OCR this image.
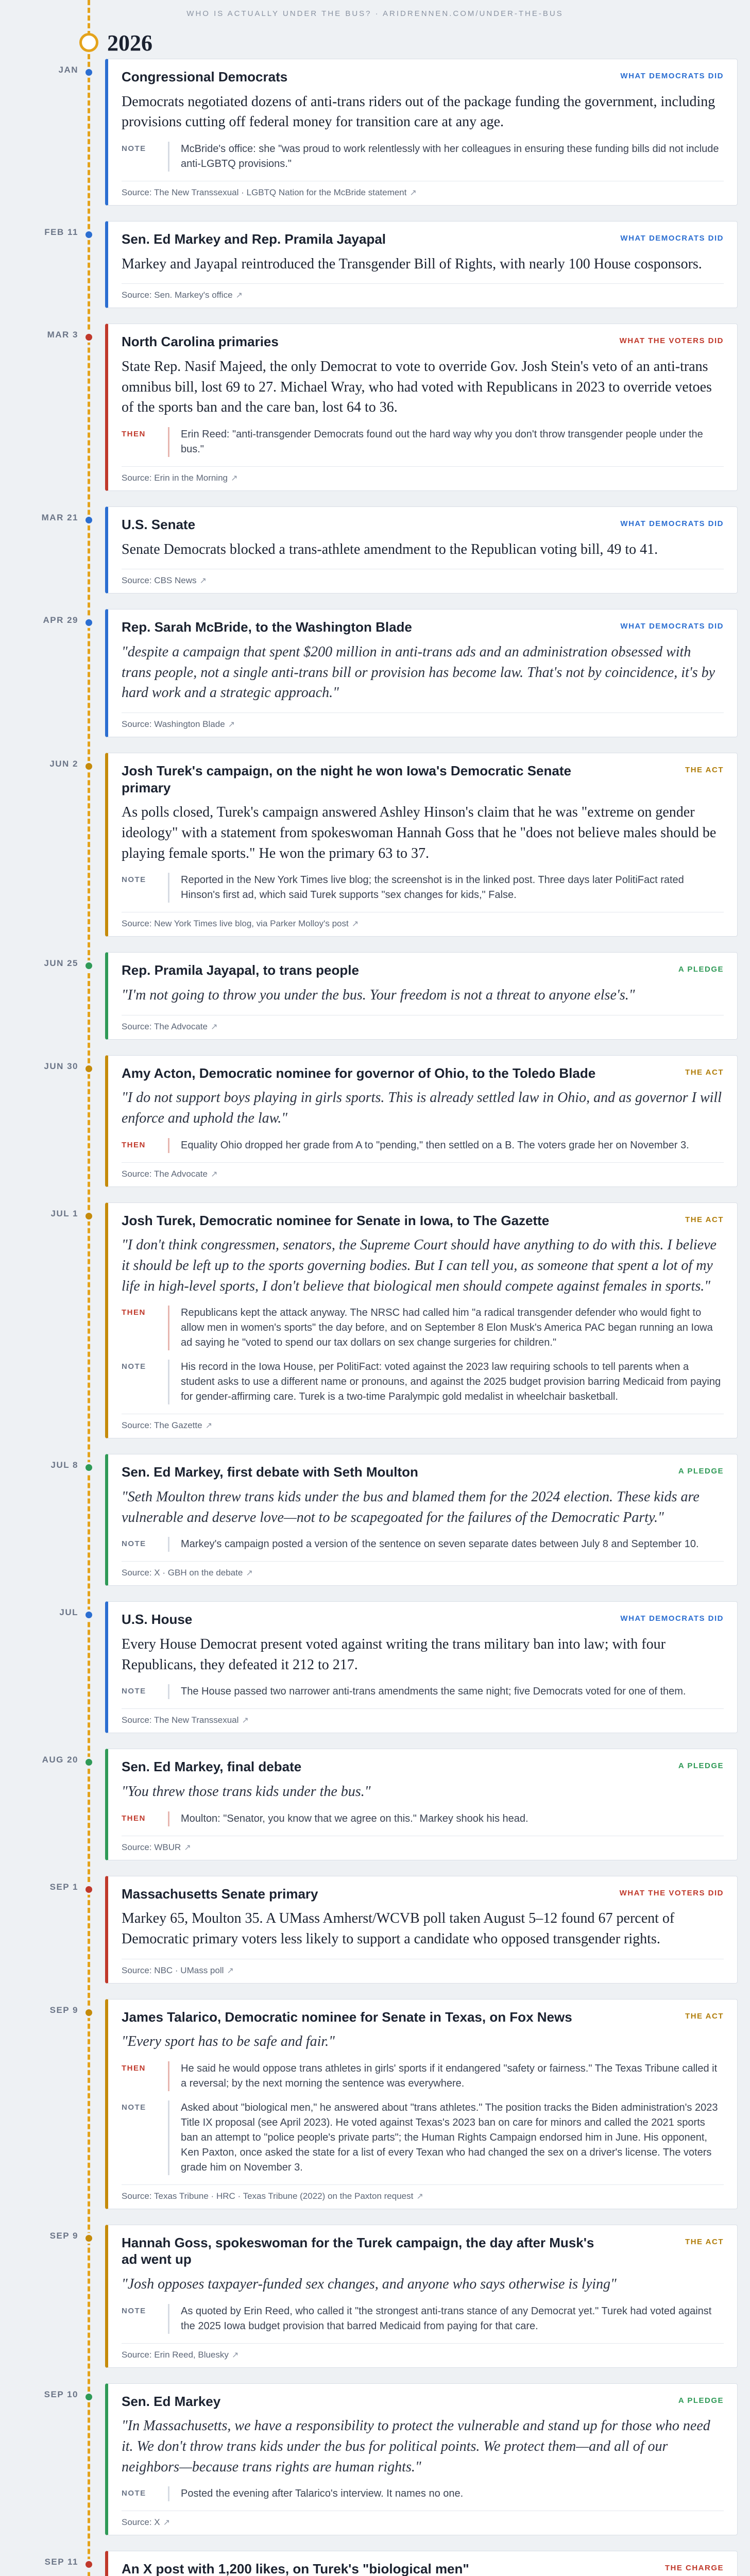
WHO IS ACTUALLY UNDER THE BUS? · ARIDRENNEN.COM/UNDER-THE-BUS
2026
JAN	Congressional Democrats	WHAT DEMOCRATS DID
Democrats negotiated dozens of anti-trans riders out of the package funding the government, including provisions cutting off federal money for transition care at any age.
NOTE	McBride's office: she "was proud to work relentlessly with her colleagues in ensuring these funding bills did not include anti-LGBTQ provisions."
Source: The New Transsexual · LGBTQ Nation for the McBride statement ↗
FEB 11	Sen. Ed Markey and Rep. Pramila Jayapal	WHAT DEMOCRATS DID
Markey and Jayapal reintroduced the Transgender Bill of Rights, with nearly 100 House cosponsors.
Source: Sen. Markey's office ↗
MAR 3	North Carolina primaries	WHAT THE VOTERS DID
State Rep. Nasif Majeed, the only Democrat to vote to override Gov. Josh Stein's veto of an anti-trans omnibus bill, lost 69 to 27. Michael Wray, who had voted with Republicans in 2023 to override vetoes of the sports ban and the care ban, lost 64 to 36.
THEN	Erin Reed: "anti-transgender Democrats found out the hard way why you don't throw transgender people under the bus."
Source: Erin in the Morning ↗
MAR 21	U.S. Senate	WHAT DEMOCRATS DID
Senate Democrats blocked a trans-athlete amendment to the Republican voting bill, 49 to 41.
Source: CBS News ↗
APR 29	Rep. Sarah McBride, to the Washington Blade	WHAT DEMOCRATS DID
"despite a campaign that spent $200 million in anti-trans ads and an administration obsessed with trans people, not a single anti-trans bill or provision has become law. That's not by coincidence, it's by hard work and a strategic approach."
Source: Washington Blade ↗
JUN 2	Josh Turek's campaign, on the night he won Iowa's Democratic Senate primary
THE ACT
As polls closed, Turek's campaign answered Ashley Hinson's claim that he was "extreme on gender ideology" with a statement from spokeswoman Hannah Goss that he "does not believe males should be playing female sports." He won the primary 63 to 37.
NOTE	Reported in the New York Times live blog; the screenshot is in the linked post. Three days later PolitiFact rated Hinson's first ad, which said Turek supports "sex changes for kids," False.
Source: New York Times live blog, via Parker Molloy's post ↗
JUN 25	Rep. Pramila Jayapal, to trans people	A PLEDGE
"I'm not going to throw you under the bus. Your freedom is not a threat to anyone else's."
Source: The Advocate ↗
JUN 30	Amy Acton, Democratic nominee for governor of Ohio, to the Toledo Blade	THE ACT
"I do not support boys playing in girls sports. This is already settled law in Ohio, and as governor I will enforce and uphold the law."
THEN	Equality Ohio dropped her grade from A to "pending," then settled on a B. The voters grade her on November 3.
Source: The Advocate ↗
JUL 1	Josh Turek, Democratic nominee for Senate in Iowa, to The Gazette	THE ACT
"I don't think congressmen, senators, the Supreme Court should have anything to do with this. I believe it should be left up to the sports governing bodies. But I can tell you, as someone that spent a lot of my life in high-level sports, I don't believe that biological men should compete against females in sports."
THEN	Republicans kept the attack anyway. The NRSC had called him "a radical transgender defender who would fight to allow men in women's sports" the day before, and on September 8 Elon Musk's America PAC began running an Iowa ad saying he "voted to spend our tax dollars on sex change surgeries for children."
NOTE	His record in the Iowa House, per PolitiFact: voted against the 2023 law requiring schools to tell parents when a student asks to use a different name or pronouns, and against the 2025 budget provision barring Medicaid from paying for gender-affirming care. Turek is a two-time Paralympic gold medalist in wheelchair basketball.
Source: The Gazette ↗
JUL 8	Sen. Ed Markey, first debate with Seth Moulton	A PLEDGE
"Seth Moulton threw trans kids under the bus and blamed them for the 2024 election. These kids are vulnerable and deserve love—not to be scapegoated for the failures of the Democratic Party."
NOTE	Markey's campaign posted a version of the sentence on seven separate dates between July 8 and September 10.
Source: X · GBH on the debate ↗
JUL	U.S. House	WHAT DEMOCRATS DID
Every House Democrat present voted against writing the trans military ban into law; with four Republicans, they defeated it 212 to 217.
NOTE	The House passed two narrower anti-trans amendments the same night; five Democrats voted for one of them.
Source: The New Transsexual ↗
AUG 20	Sen. Ed Markey, final debate	A PLEDGE
"You threw those trans kids under the bus."
THEN	Moulton: "Senator, you know that we agree on this." Markey shook his head.
Source: WBUR ↗
SEP 1	Massachusetts Senate primary	WHAT THE VOTERS DID
Markey 65, Moulton 35. A UMass Amherst/WCVB poll taken August 5–12 found 67 percent of Democratic primary voters less likely to support a candidate who opposed transgender rights.
Source: NBC · UMass poll ↗
SEP 9	James Talarico, Democratic nominee for Senate in Texas, on Fox News	THE ACT
"Every sport has to be safe and fair."
THEN	He said he would oppose trans athletes in girls' sports if it endangered "safety or fairness." The Texas Tribune called it a reversal; by the next morning the sentence was everywhere.
NOTE	Asked about "biological men," he answered about "trans athletes." The position tracks the Biden administration's 2023 Title IX proposal (see April 2023). He voted against Texas's 2023 ban on care for minors and called the 2021 sports ban an attempt to "police people's private parts"; the Human Rights Campaign endorsed him in June. His opponent, Ken Paxton, once asked the state for a list of every Texan who had changed the sex on a driver's license. The voters grade him on November 3.
Source: Texas Tribune · HRC · Texas Tribune (2022) on the Paxton request ↗
SEP 9	Hannah Goss, spokeswoman for the Turek campaign, the day after Musk's ad went up
THE ACT
"Josh opposes taxpayer-funded sex changes, and anyone who says otherwise is lying"
NOTE	As quoted by Erin Reed, who called it "the strongest anti-trans stance of any Democrat yet." Turek had voted against the 2025 Iowa budget provision that barred Medicaid from paying for that care.
Source: Erin Reed, Bluesky ↗
SEP 10	Sen. Ed Markey	A PLEDGE
"In Massachusetts, we have a responsibility to protect the vulnerable and stand up for those who need it. We don't throw trans kids under the bus for political points. We protect them—and all of our neighbors—because trans rights are human rights."
NOTE	Posted the evening after Talarico's interview. It names no one.
Source: X ↗
SEP 11	An X post with 1,200 likes, on Turek's "biological men"	THE CHARGE
